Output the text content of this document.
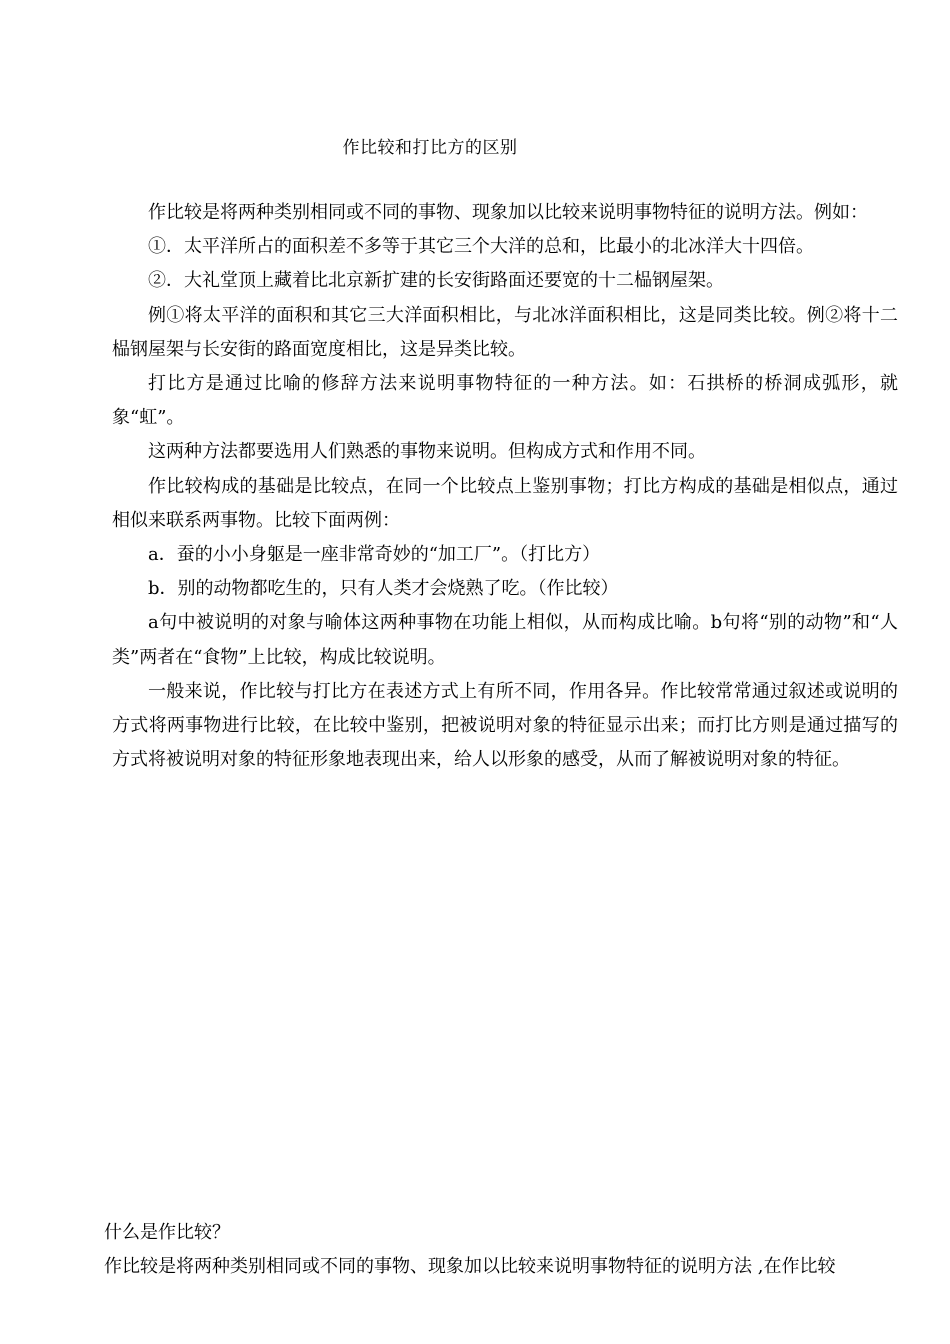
作比较和打比方的区别

作比较是将两种类别相同或不同的事物、现象加以比较来说明事物特征的说明方法。例如：

①．太平洋所占的面积差不多等于其它三个大洋的总和，比最小的北冰洋大十四倍。

②．大礼堂顶上藏着比北京新扩建的长安街路面还要宽的十二榀钢屋架。

例①将太平洋的面积和其它三大洋面积相比，与北冰洋面积相比，这是同类比较。例②将十二榀钢屋架与长安街的路面宽度相比，这是异类比较。

打比方是通过比喻的修辞方法来说明事物特征的一种方法。如：石拱桥的桥洞成弧形，就象“虹”。

这两种方法都要选用人们熟悉的事物来说明。但构成方式和作用不同。

作比较构成的基础是比较点，在同一个比较点上鉴别事物；打比方构成的基础是相似点，通过相似来联系两事物。比较下面两例：

a．蚕的小小身躯是一座非常奇妙的“加工厂”。（打比方）

b．别的动物都吃生的，只有人类才会烧熟了吃。（作比较）

a句中被说明的对象与喻体这两种事物在功能上相似，从而构成比喻。b句将“别的动物”和“人类”两者在“食物”上比较，构成比较说明。

一般来说，作比较与打比方在表述方式上有所不同，作用各异。作比较常常通过叙述或说明的方式将两事物进行比较，在比较中鉴别，把被说明对象的特征显示出来；而打比方则是通过描写的方式将被说明对象的特征形象地表现出来，给人以形象的感受，从而了解被说明对象的特征。

什么是作比较？

作比较是将两种类别相同或不同的事物、现象加以比较来说明事物特征的说明方法 ,在作比较
